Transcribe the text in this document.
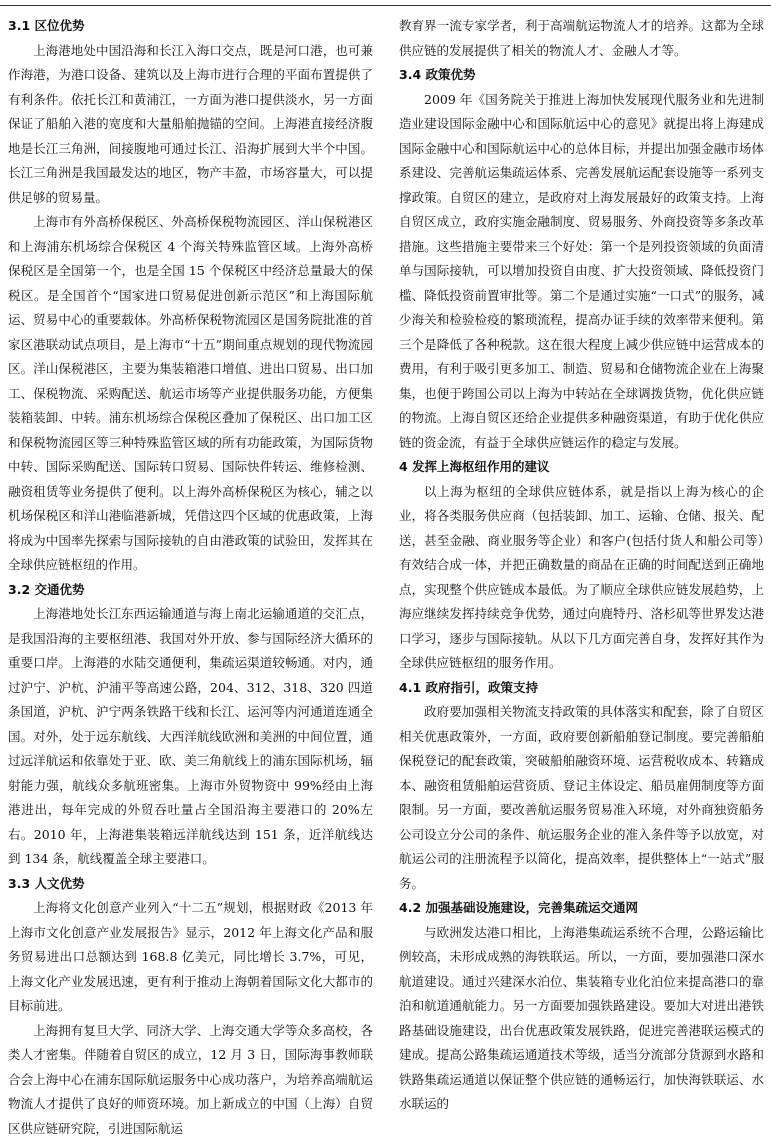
3.1 区位优势

上海港地处中国沿海和长江入海口交点，既是河口港，也可兼作海港，为港口设备、建筑以及上海市进行合理的平面布置提供了有利条件。依托长江和黄浦江，一方面为港口提供淡水，另一方面保证了船舶入港的宽度和大量船舶抛锚的空间。上海港直接经济腹地是长江三角洲，间接腹地可通过长江、沿海扩展到大半个中国。长江三角洲是我国最发达的地区，物产丰盈，市场容量大，可以提供足够的贸易量。

上海市有外高桥保税区、外高桥保税物流园区、洋山保税港区和上海浦东机场综合保税区 4 个海关特殊监管区域。上海外高桥保税区是全国第一个，也是全国 15 个保税区中经济总量最大的保税区。是全国首个“国家进口贸易促进创新示范区”和上海国际航运、贸易中心的重要载体。外高桥保税物流园区是国务院批准的首家区港联动试点项目，是上海市“十五”期间重点规划的现代物流园区。洋山保税港区，主要为集装箱港口增值、进出口贸易、出口加工、保税物流、采购配送、航运市场等产业提供服务功能，方便集装箱装卸、中转。浦东机场综合保税区叠加了保税区、出口加工区和保税物流园区等三种特殊监管区域的所有功能政策，为国际货物中转、国际采购配送、国际转口贸易、国际快件转运、维修检测、融资租赁等业务提供了便利。以上海外高桥保税区为核心，辅之以机场保税区和洋山港临港新城，凭借这四个区域的优惠政策，上海将成为中国率先探索与国际接轨的自由港政策的试验田，发挥其在全球供应链枢纽的作用。

3.2 交通优势

上海港地处长江东西运输通道与海上南北运输通道的交汇点，是我国沿海的主要枢纽港、我国对外开放、参与国际经济大循环的重要口岸。上海港的水陆交通便利，集疏运渠道较畅通。对内，通过沪宁、沪杭、沪浦平等高速公路，204、312、318、320 四道条国道，沪杭、沪宁两条铁路干线和长江、运河等内河通道连通全国。对外，处于远东航线、大西洋航线欧洲和美洲的中间位置，通过远洋航运和依靠处于亚、欧、美三角航线上的浦东国际机场，辐射能力强，航线众多航班密集。上海市外贸物资中 99%经由上海港进出，每年完成的外贸吞吐量占全国沿海主要港口的 20%左右。2010 年，上海港集装箱远洋航线达到 151 条，近洋航线达到 134 条，航线覆盖全球主要港口。

3.3 人文优势

上海将文化创意产业列入“十二五”规划，根据财政《2013 年上海市文化创意产业发展报告》显示，2012 年上海文化产品和服务贸易进出口总额达到 168.8 亿美元，同比增长 3.7%，可见，上海文化产业发展迅速，更有利于推动上海朝着国际文化大都市的目标前进。

上海拥有复旦大学、同济大学、上海交通大学等众多高校，各类人才密集。伴随着自贸区的成立，12 月 3 日，国际海事教师联合会上海中心在浦东国际航运服务中心成功落户，为培养高端航运物流人才提供了良好的师资环境。加上新成立的中国（上海）自贸区供应链研究院，引进国际航运

教育界一流专家学者，利于高端航运物流人才的培养。这都为全球供应链的发展提供了相关的物流人才、金融人才等。

3.4 政策优势

2009 年《国务院关于推进上海加快发展现代服务业和先进制造业建设国际金融中心和国际航运中心的意见》就提出将上海建成国际金融中心和国际航运中心的总体目标，并提出加强金融市场体系建设、完善航运集疏运体系、完善发展航运配套设施等一系列支撑政策。自贸区的建立，是政府对上海发展最好的政策支持。上海自贸区成立，政府实施金融制度、贸易服务、外商投资等多条改革措施。这些措施主要带来三个好处：第一个是列投资领域的负面清单与国际接轨，可以增加投资自由度、扩大投资领域、降低投资门槛、降低投资前置审批等。第二个是通过实施“一口式”的服务，减少海关和检验检疫的繁琐流程，提高办证手续的效率带来便利。第三个是降低了各种税款。这在很大程度上减少供应链中运营成本的费用，有利于吸引更多加工、制造、贸易和仓储物流企业在上海聚集，也便于跨国公司以上海为中转站在全球调拨货物，优化供应链的物流。上海自贸区还给企业提供多种融资渠道，有助于优化供应链的资金流，有益于全球供应链运作的稳定与发展。

4 发挥上海枢纽作用的建议

以上海为枢纽的全球供应链体系，就是指以上海为核心的企业，将各类服务供应商（包括装卸、加工、运输、仓储、报关、配送，甚至金融、商业服务等企业）和客户(包括付货人和船公司等）有效结合成一体，并把正确数量的商品在正确的时间配送到正确地点，实现整个供应链成本最低。为了顺应全球供应链发展趋势，上海应继续发挥持续竞争优势，通过向鹿特丹、洛杉矶等世界发达港口学习，逐步与国际接轨。从以下几方面完善自身，发挥好其作为全球供应链枢纽的服务作用。

4.1 政府指引，政策支持

政府要加强相关物流支持政策的具体落实和配套，除了自贸区相关优惠政策外，一方面，政府要创新船舶登记制度。要完善船舶保税登记的配套政策，突破船舶融资环境、运营税收成本、转籍成本、融资租赁船舶运营资质、登记主体设定、船员雇佣制度等方面限制。另一方面，要改善航运服务贸易准入环境，对外商独资船务公司设立分公司的条件、航运服务企业的准入条件等予以放宽，对航运公司的注册流程予以简化，提高效率，提供整体上“一站式”服务。

4.2 加强基础设施建设，完善集疏运交通网

与欧洲发达港口相比，上海港集疏运系统不合理，公路运输比例较高，未形成成熟的海铁联运。所以，一方面，要加强港口深水航道建设。通过兴建深水泊位、集装箱专业化泊位来提高港口的靠泊和航道通航能力。另一方面要加强铁路建设。要加大对进出港铁路基础设施建设，出台优惠政策发展铁路，促进完善港联运模式的建成。提高公路集疏运通道技术等级，适当分流部分货源到水路和铁路集疏运通道以保证整个供应链的通畅运行，加快海铁联运、水水联运的
